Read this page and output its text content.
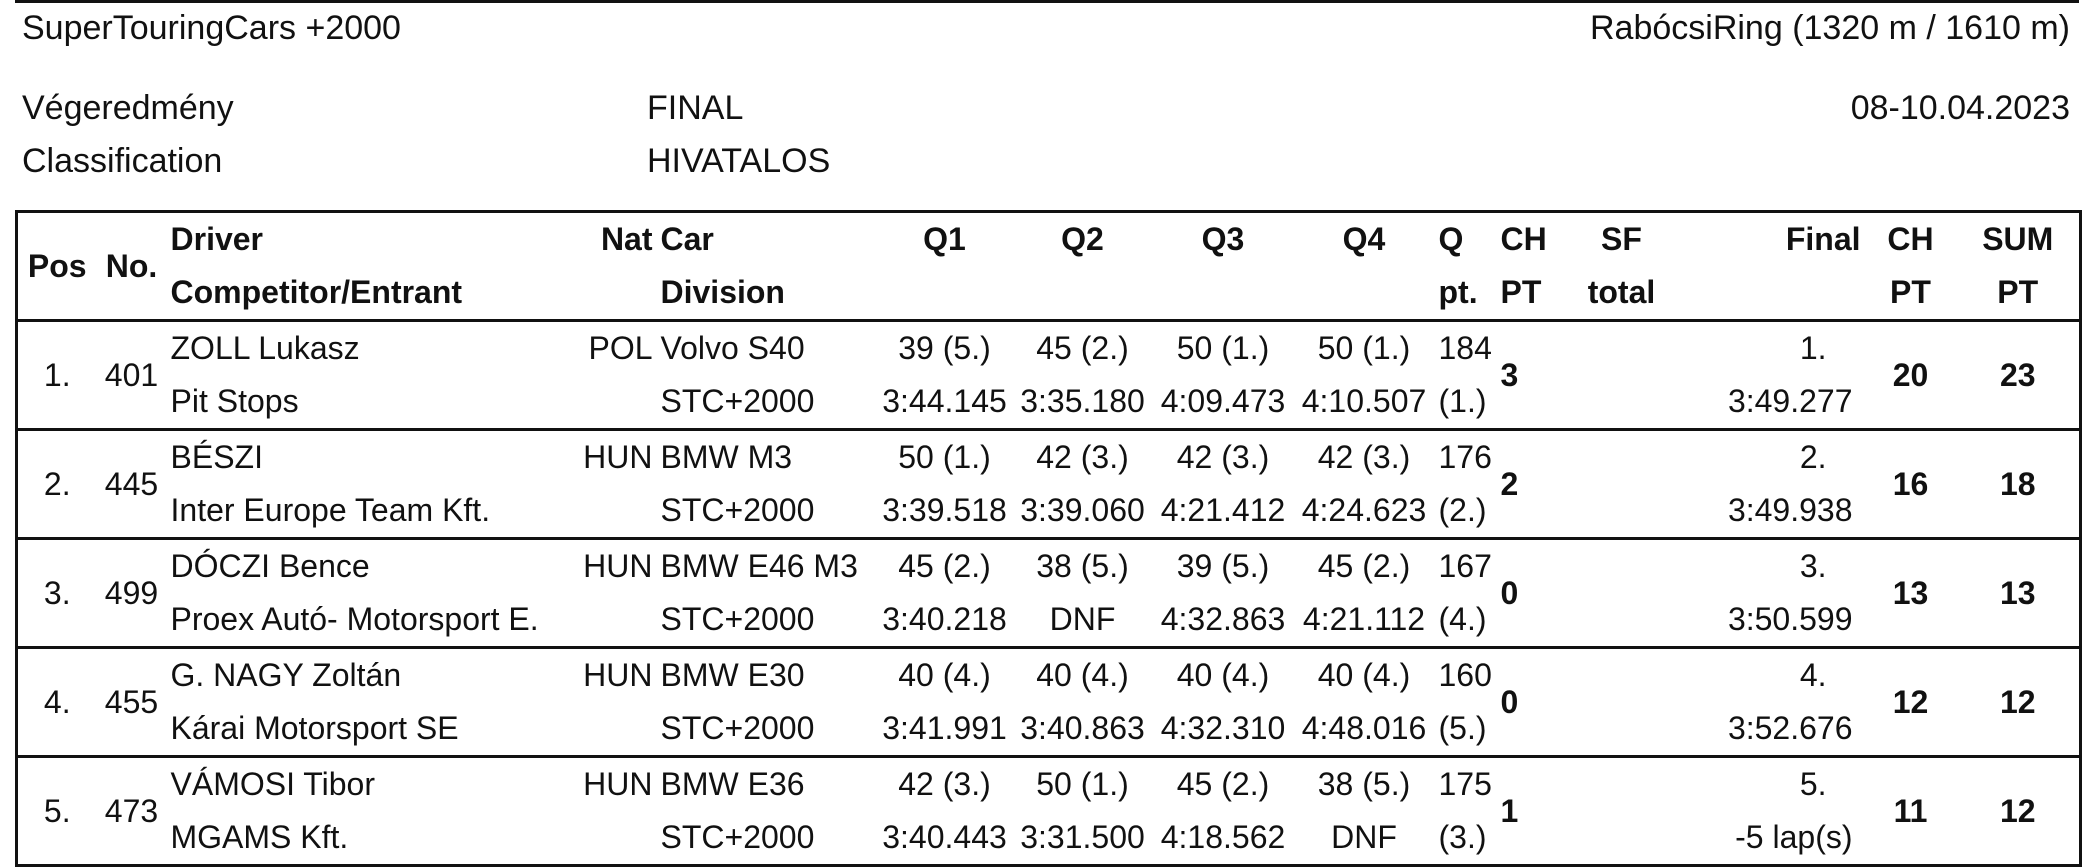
SuperTouringCars +2000	RabócsiRing (1320 m / 1610 m)
Végeredmény
Classification
FINAL
HIVATALOS
08-10.04.2023
Pos	No.	Driver	Nat	Car	Q1	Q2	Q3	Q4	Q	CH	SF	Final	CH	SUM
		Competitor/Entrant		Division					pt.	PT	total		PT	PT
1.	401	ZOLL Lukasz	POL	Volvo S40	39 (5.)	45 (2.)	50 (1.)	50 (1.)	184	3		1.	20	23
		Pit Stops		STC+2000	3:44.145	3:35.180	4:09.473	4:10.507	(1.)			3:49.277		
2.	445	BÉSZI	HUN	BMW M3	50 (1.)	42 (3.)	42 (3.)	42 (3.)	176	2		2.	16	18
		Inter Europe Team Kft.		STC+2000	3:39.518	3:39.060	4:21.412	4:24.623	(2.)			3:49.938		
3.	499	DÓCZI Bence	HUN	BMW E46 M3	45 (2.)	38 (5.)	39 (5.)	45 (2.)	167	0		3.	13	13
		Proex Autó- Motorsport E.		STC+2000	3:40.218	DNF	4:32.863	4:21.112	(4.)			3:50.599		
4.	455	G. NAGY Zoltán	HUN	BMW E30	40 (4.)	40 (4.)	40 (4.)	40 (4.)	160	0		4.	12	12
		Kárai Motorsport SE		STC+2000	3:41.991	3:40.863	4:32.310	4:48.016	(5.)			3:52.676		
5.	473	VÁMOSI Tibor	HUN	BMW E36	42 (3.)	50 (1.)	45 (2.)	38 (5.)	175	1		5.	11	12
		MGAMS Kft.		STC+2000	3:40.443	3:31.500	4:18.562	DNF	(3.)			-5 lap(s)		
